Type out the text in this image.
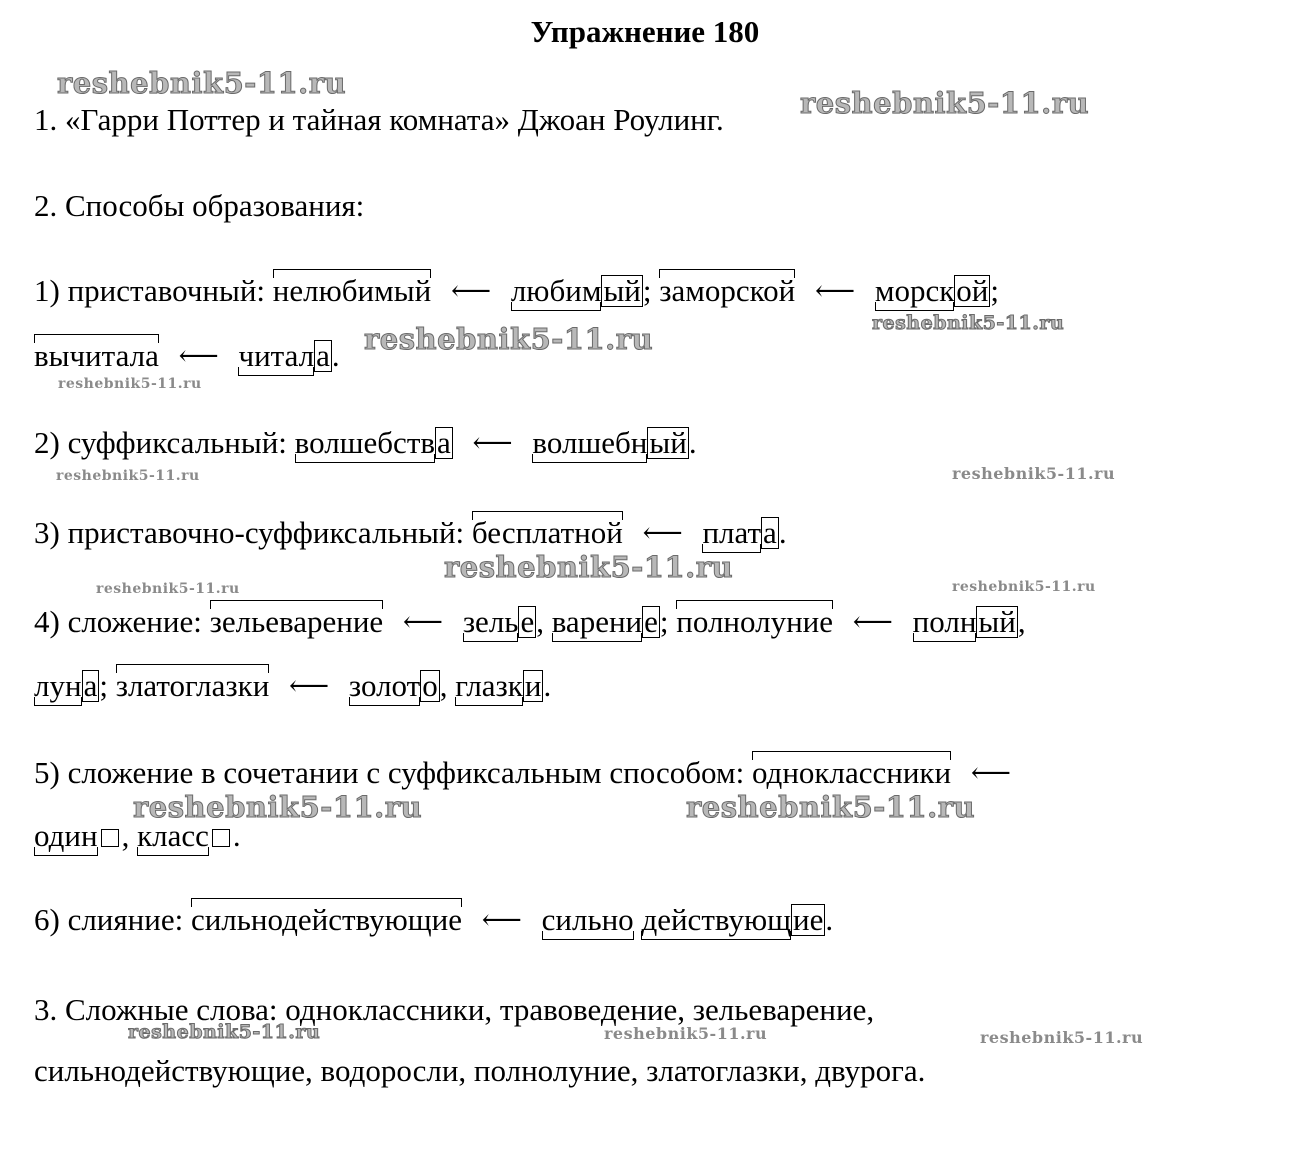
Упражнение 180
reshebnik5-11.ru
reshebnik5-11.ru
reshebnik5-11.ru
reshebnik5-11.ru
reshebnik5-11.ru
reshebnik5-11.ru	reshebnik5-11.ru
reshebnik5-11.ru
reshebnik5-11.ru	reshebnik5-11.ru
reshebnik5-11.ru	reshebnik5-11.ru
reshebnik5-11.ru	reshebnik5-11.ru	reshebnik5-11.ru
1. «Гарри Поттер и тайная комната» Джоан Роулинг.
2. Способы образования:
1) приставочный: нелюбимый ⟵ любимый; заморской ⟵ морской;
вычитала ⟵ читала.
2) суффиксальный: волшебства ⟵ волшебный.
3) приставочно-суффиксальный: бесплатной ⟵ плата.
4) сложение: зельеварение ⟵ зелье, варение; полнолуние ⟵ полный,
луна; златоглазки ⟵ золото, глазки.
5) сложение в сочетании с суффиксальным способом: одноклассники ⟵
один , класс .
6) слияние: сильнодействующие ⟵ сильно действующие.
3. Сложные слова: одноклассники, травоведение, зельеварение,
сильнодействующие, водоросли, полнолуние, златоглазки, двурога.
